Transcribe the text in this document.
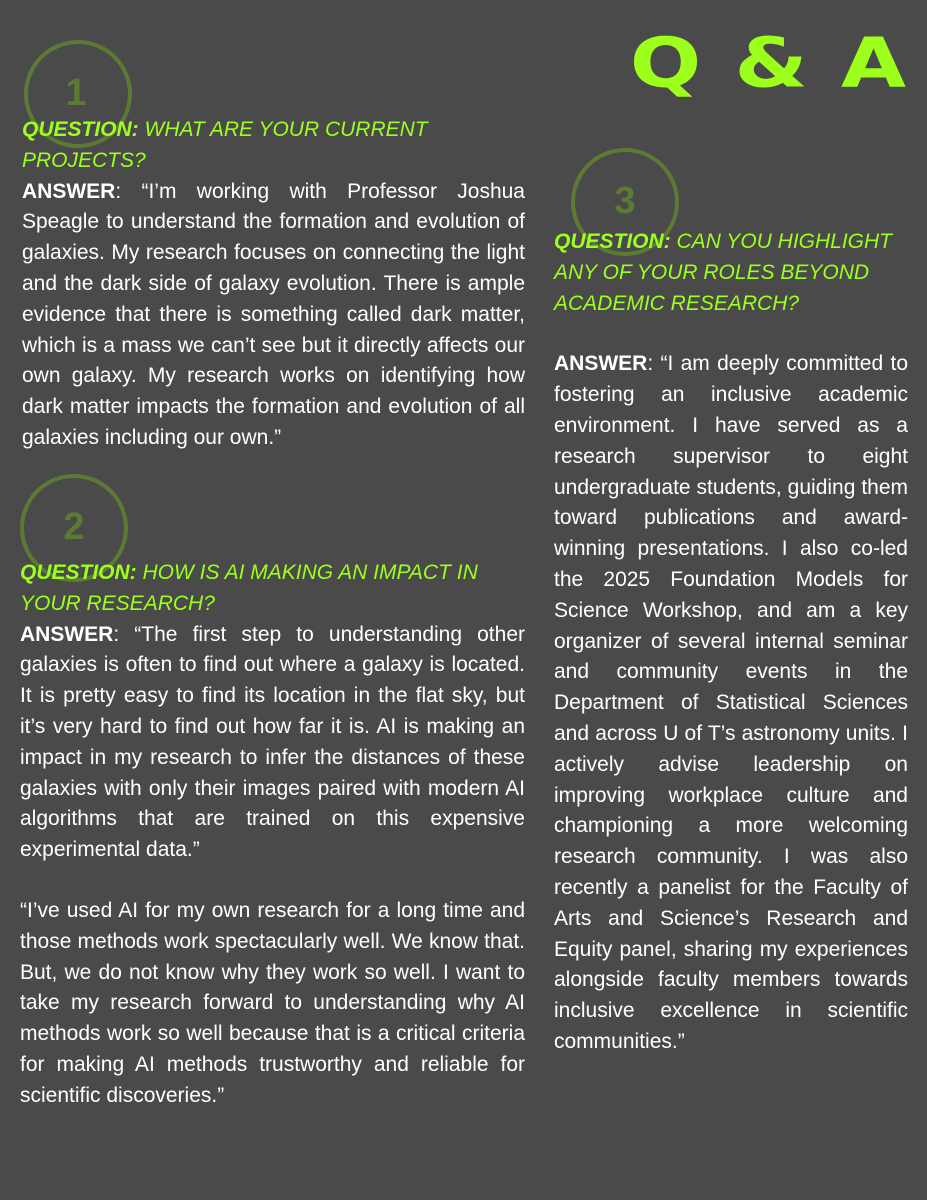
Q & A
1
QUESTION: WHAT ARE YOUR CURRENT PROJECTS?

ANSWER: “I’m working with Professor Joshua Speagle to understand the formation and evolution of galaxies. My research focuses on connecting the light and the dark side of galaxy evolution. There is ample evidence that there is something called dark matter, which is a mass we can’t see but it directly affects our own galaxy. My research works on identifying how dark matter impacts the formation and evolution of all galaxies including our own.”

2
QUESTION: HOW IS AI MAKING AN IMPACT IN YOUR RESEARCH?

ANSWER: “The first step to understanding other galaxies is often to find out where a galaxy is located. It is pretty easy to find its location in the flat sky, but it’s very hard to find out how far it is. AI is making an impact in my research to infer the distances of these galaxies with only their images paired with modern AI algorithms that are trained on this expensive experimental data.”

“I’ve used AI for my own research for a long time and those methods work spectacularly well. We know that. But, we do not know why they work so well. I want to take my research forward to understanding why AI methods work so well because that is a critical criteria for making AI methods trustworthy and reliable for scientific discoveries.”

3
QUESTION: CAN YOU HIGHLIGHT ANY OF YOUR ROLES BEYOND ACADEMIC RESEARCH?

ANSWER: “I am deeply committed to fostering an inclusive academic environment. I have served as a research supervisor to eight undergraduate students, guiding them toward publications and award-winning presentations. I also co-led the 2025 Foundation Models for Science Workshop, and am a key organizer of several internal seminar and community events in the Department of Statistical Sciences and across U of T’s astronomy units. I actively advise leadership on improving workplace culture and championing a more welcoming research community. I was also recently a panelist for the Faculty of Arts and Science’s Research and Equity panel, sharing my experiences alongside faculty members towards inclusive excellence in scientific communities.”
